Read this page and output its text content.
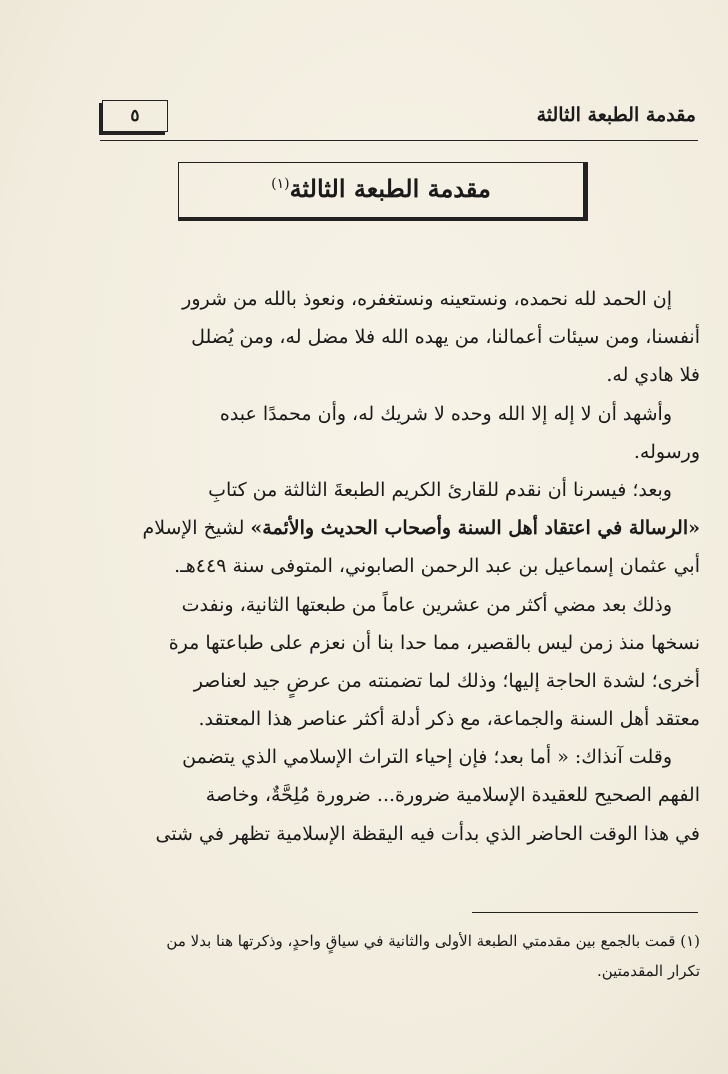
مقدمة الطبعة الثالثة
٥
مقدمة الطبعة الثالثة$^{(١)}$
إن الحمد لله نحمده، ونستعينه ونستغفره، ونعوذ بالله من شرور
أنفسنا، ومن سيئات أعمالنا، من يهده الله فلا مضل له، ومن يُضلل
فلا هادي له.
وأشهد أن لا إله إلا الله وحده لا شريك له، وأن محمدًا عبده
ورسوله.
وبعد؛ فيسرنا أن نقدم للقارئ الكريم الطبعةَ الثالثة من كتابِ
«الرسالة في اعتقاد أهل السنة وأصحاب الحديث والأئمة» لشيخ الإسلام
أبي عثمان إسماعيل بن عبد الرحمن الصابوني، المتوفى سنة ٤٤٩هـ.
وذلك بعد مضي أكثر من عشرين عاماً من طبعتها الثانية، ونفدت
نسخها منذ زمن ليس بالقصير، مما حدا بنا أن نعزم على طباعتها مرة
أخرى؛ لشدة الحاجة إليها؛ وذلك لما تضمنته من عرضٍ جيد لعناصر
معتقد أهل السنة والجماعة، مع ذكر أدلة أكثر عناصر هذا المعتقد.
وقلت آنذاك: « أما بعد؛ فإن إحياء التراث الإسلامي الذي يتضمن
الفهم الصحيح للعقيدة الإسلامية ضرورة... ضرورة مُلِحَّةٌ، وخاصة
في هذا الوقت الحاضر الذي بدأت فيه اليقظة الإسلامية تظهر في شتى
(١) قمت بالجمع بين مقدمتي الطبعة الأولى والثانية في سياقٍ واحدٍ، وذكرتها هنا بدلا من
تكرار المقدمتين.
